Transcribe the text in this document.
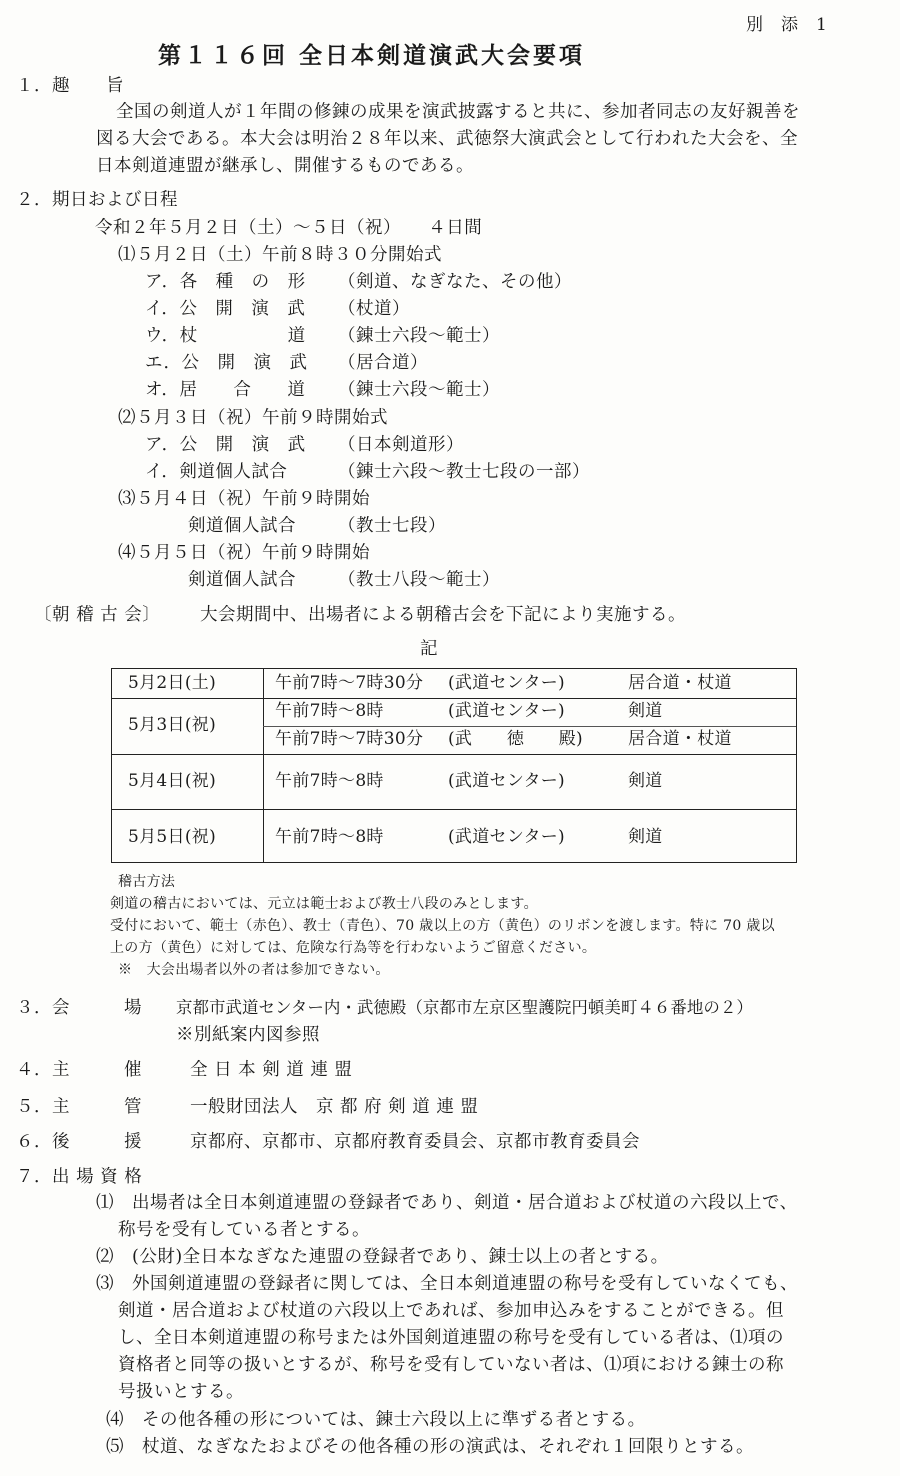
別　添　1
第１１６回 全日本剣道演武大会要項
１．趣　　旨
全国の剣道人が１年間の修錬の成果を演武披露すると共に、参加者同志の友好親善を
図る大会である。本大会は明治２８年以来、武徳祭大演武会として行われた大会を、全
日本剣道連盟が継承し、開催するものである。
２．期日および日程
令和２年５月２日（土）～５日（祝）　　４日間
⑴５月２日（土）午前８時３０分開始式
ア．各　種　の　形 （剣道、なぎなた、その他）
イ．公　開　演　武 （杖道）
ウ．杖　　　　　道 （錬士六段～範士）
エ．公　開　演　武 （居合道）
オ．居　　合　　道 （錬士六段～範士）
⑵５月３日（祝）午前９時開始式
ア．公　開　演　武 （日本剣道形）
イ．剣道個人試合	（錬士六段～教士七段の一部）
⑶５月４日（祝）午前９時開始
剣道個人試合 （教士七段）
⑷５月５日（祝）午前９時開始
剣道個人試合 （教士八段～範士）
〔朝 稽 古 会〕 大会期間中、出場者による朝稽古会を下記により実施する。
記
5月2日(土)	午前7時～7時30分 (武道センター)	居合道・杖道
5月3日(祝)
午前7時～8時	(武道センター)	剣道
午前7時～7時30分 (武　　徳　　殿)	居合道・杖道
5月4日(祝)	午前7時～8時	(武道センター)	剣道
5月5日(祝)	午前7時～8時	(武道センター)	剣道
稽古方法
剣道の稽古においては、元立は範士および教士八段のみとします。
受付において、範士（赤色）、教士（青色）、70 歳以上の方（黄色）のリボンを渡します。特に 70 歳以
上の方（黄色）に対しては、危険な行為等を行わないようご留意ください。
※　大会出場者以外の者は参加できない。
３．会　　　場 京都市武道センター内・武徳殿（京都市左京区聖護院円頓美町４６番地の２）
※別紙案内図参照
４．主　　　催	全 日 本 剣 道 連 盟
５．主　　　管	一般財団法人　京 都 府 剣 道 連 盟
６．後　　　援	京都府、京都市、京都府教育委員会、京都市教育委員会
７．出 場 資 格
⑴　出場者は全日本剣道連盟の登録者であり、剣道・居合道および杖道の六段以上で、
称号を受有している者とする。
⑵　(公財)全日本なぎなた連盟の登録者であり、錬士以上の者とする。
⑶　外国剣道連盟の登録者に関しては、全日本剣道連盟の称号を受有していなくても、
剣道・居合道および杖道の六段以上であれば、参加申込みをすることができる。但
し、全日本剣道連盟の称号または外国剣道連盟の称号を受有している者は、⑴項の
資格者と同等の扱いとするが、称号を受有していない者は、⑴項における錬士の称
号扱いとする。
⑷　その他各種の形については、錬士六段以上に準ずる者とする。
⑸　杖道、なぎなたおよびその他各種の形の演武は、それぞれ１回限りとする。
